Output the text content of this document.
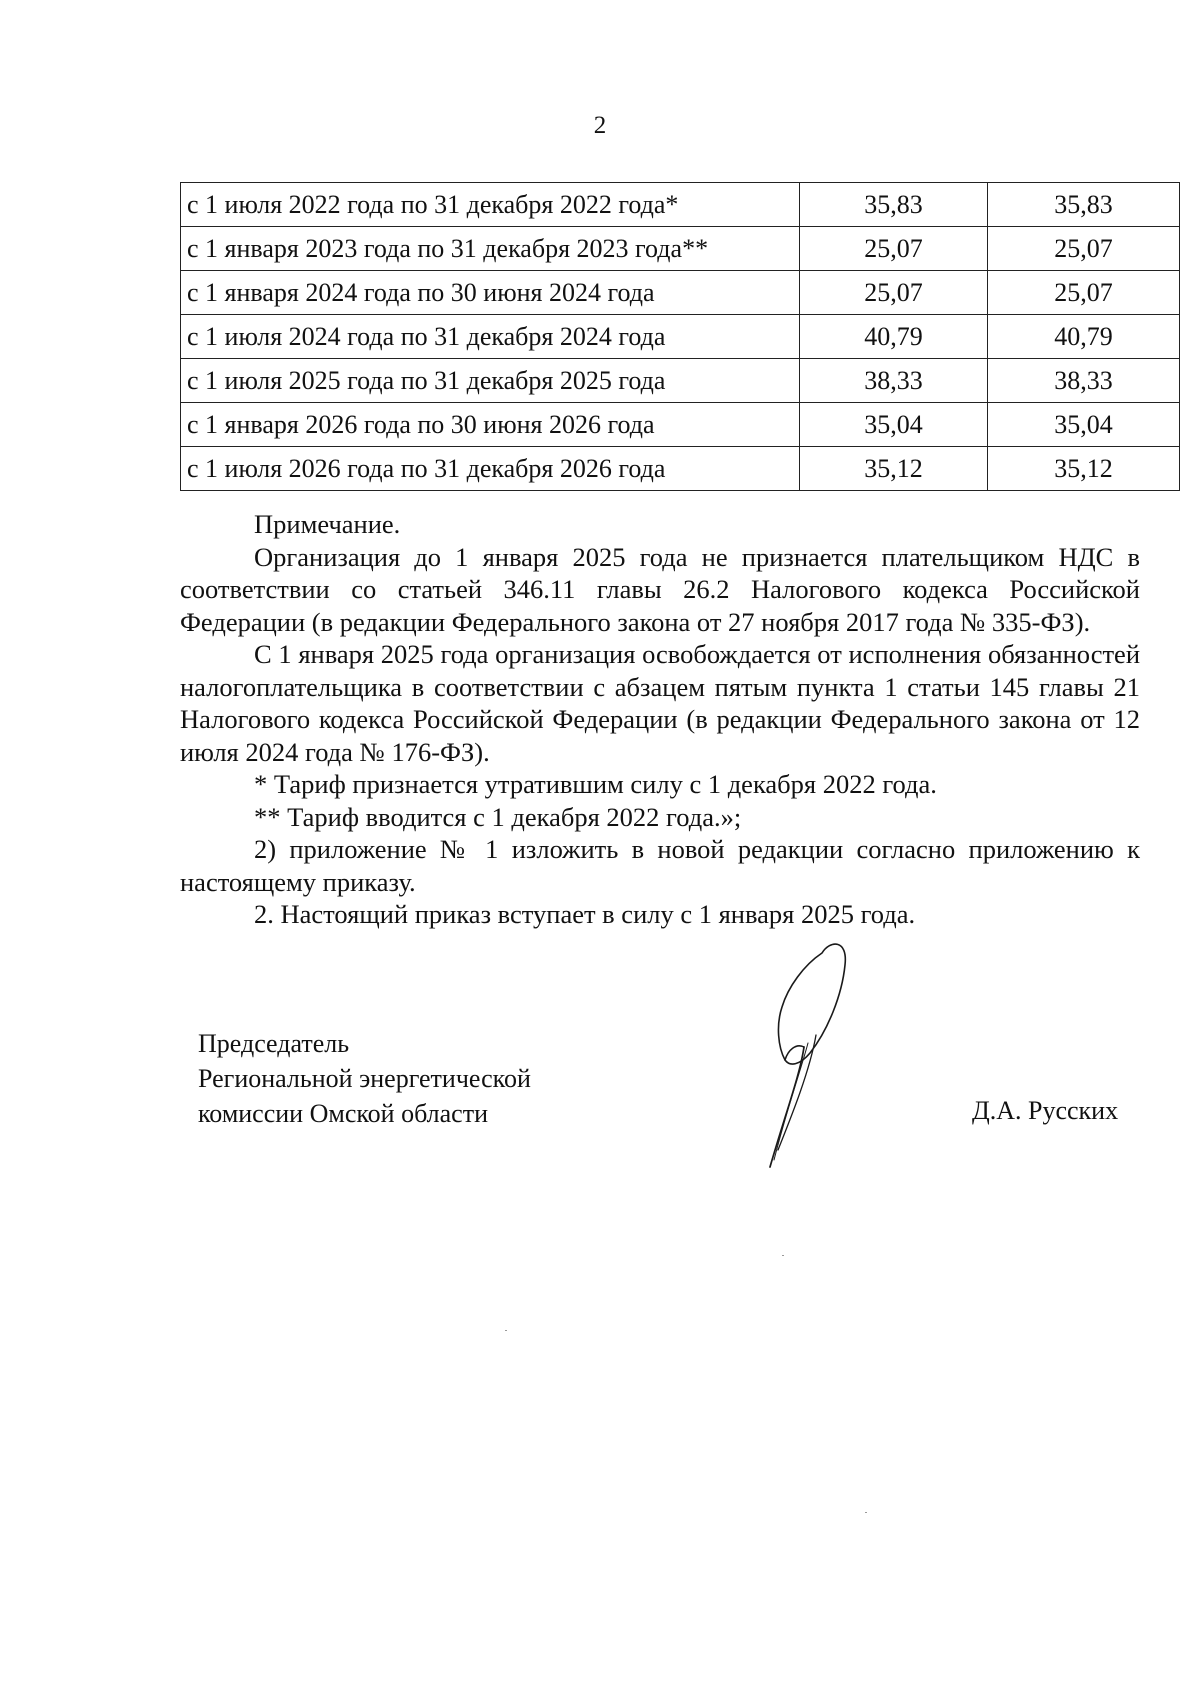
2
с 1 июля 2022 года по 31 декабря 2022 года*	35,83	35,83
с 1 января 2023 года по 31 декабря 2023 года**	25,07	25,07
с 1 января 2024 года по 30 июня 2024 года	25,07	25,07
с 1 июля 2024 года по 31 декабря 2024 года	40,79	40,79
с 1 июля 2025 года по 31 декабря 2025 года	38,33	38,33
с 1 января 2026 года по 30 июня 2026 года	35,04	35,04
с 1 июля 2026 года по 31 декабря 2026 года	35,12	35,12

Примечание.

Организация до 1 января 2025 года не признается плательщиком НДС в соответствии со статьей 346.11 главы 26.2 Налогового кодекса Российской Федерации (в редакции Федерального закона от 27 ноября 2017 года № 335-ФЗ).

С 1 января 2025 года организация освобождается от исполнения обязанностей налогоплательщика в соответствии с абзацем пятым пункта 1 статьи 145 главы 21 Налогового кодекса Российской Федерации (в редакции Федерального закона от 12 июля 2024 года № 176-ФЗ).

* Тариф признается утратившим силу с 1 декабря 2022 года.

** Тариф вводится с 1 декабря 2022 года.»;

2) приложение № 1 изложить в новой редакции согласно приложению к настоящему приказу.

2. Настоящий приказ вступает в силу с 1 января 2025 года.

Председатель
Региональной энергетической
комиссии Омской области	Д.А. Русских
